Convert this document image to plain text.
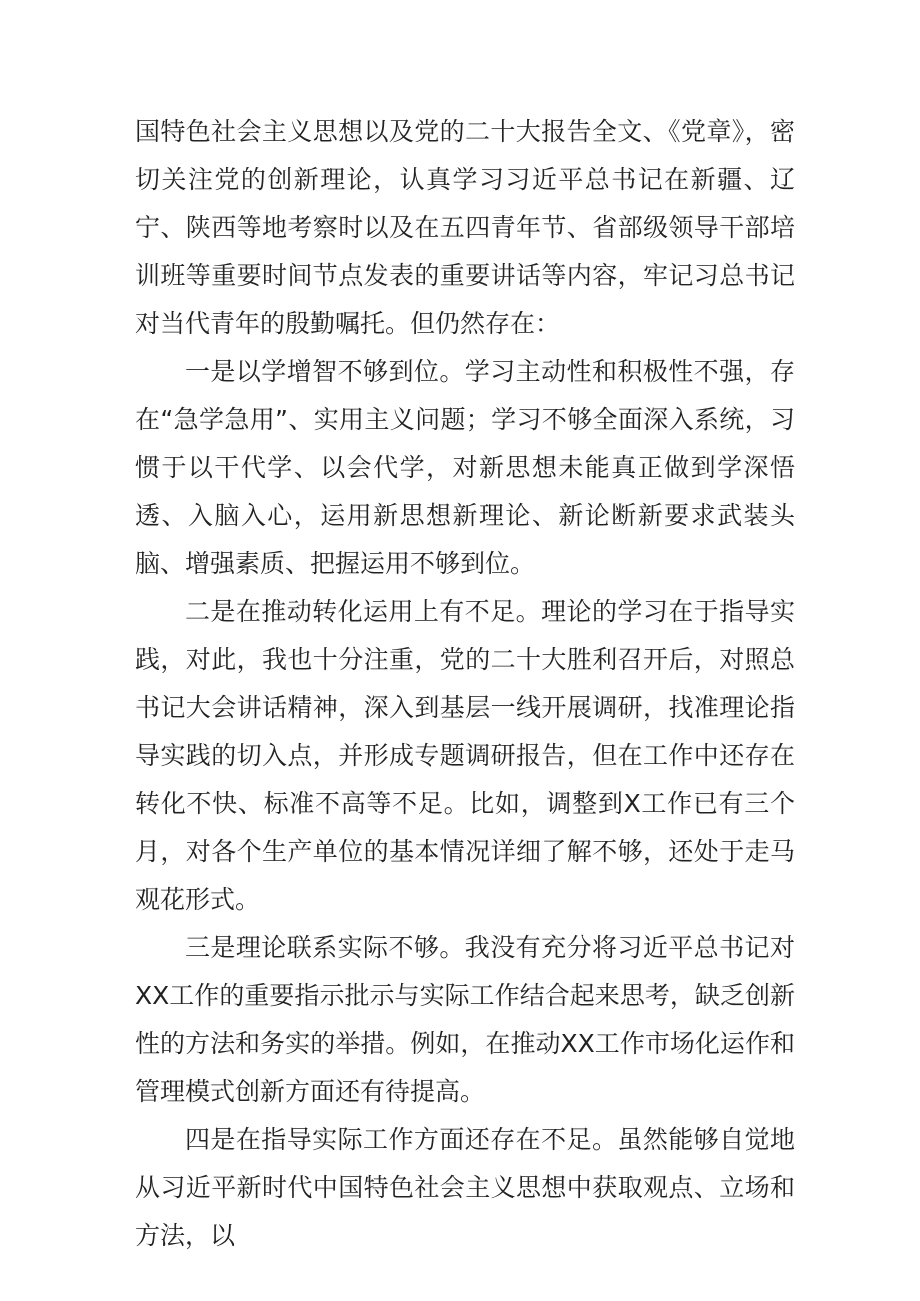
国特色社会主义思想以及党的二十大报告全文、《党章》，密切关注党的创新理论，认真学习习近平总书记在新疆、辽宁、陕西等地考察时以及在五四青年节、省部级领导干部培训班等重要时间节点发表的重要讲话等内容，牢记习总书记对当代青年的殷勤嘱托。但仍然存在：

一是以学增智不够到位。学习主动性和积极性不强，存在“急学急用”、实用主义问题；学习不够全面深入系统，习惯于以干代学、以会代学，对新思想未能真正做到学深悟透、入脑入心，运用新思想新理论、新论断新要求武装头脑、增强素质、把握运用不够到位。

二是在推动转化运用上有不足。理论的学习在于指导实践，对此，我也十分注重，党的二十大胜利召开后，对照总书记大会讲话精神，深入到基层一线开展调研，找准理论指导实践的切入点，并形成专题调研报告，但在工作中还存在转化不快、标准不高等不足。比如，调整到X工作已有三个月，对各个生产单位的基本情况详细了解不够，还处于走马观花形式。

三是理论联系实际不够。我没有充分将习近平总书记对XX工作的重要指示批示与实际工作结合起来思考，缺乏创新性的方法和务实的举措。例如，在推动XX工作市场化运作和管理模式创新方面还有待提高。

四是在指导实际工作方面还存在不足。虽然能够自觉地从习近平新时代中国特色社会主义思想中获取观点、立场和方法，以
